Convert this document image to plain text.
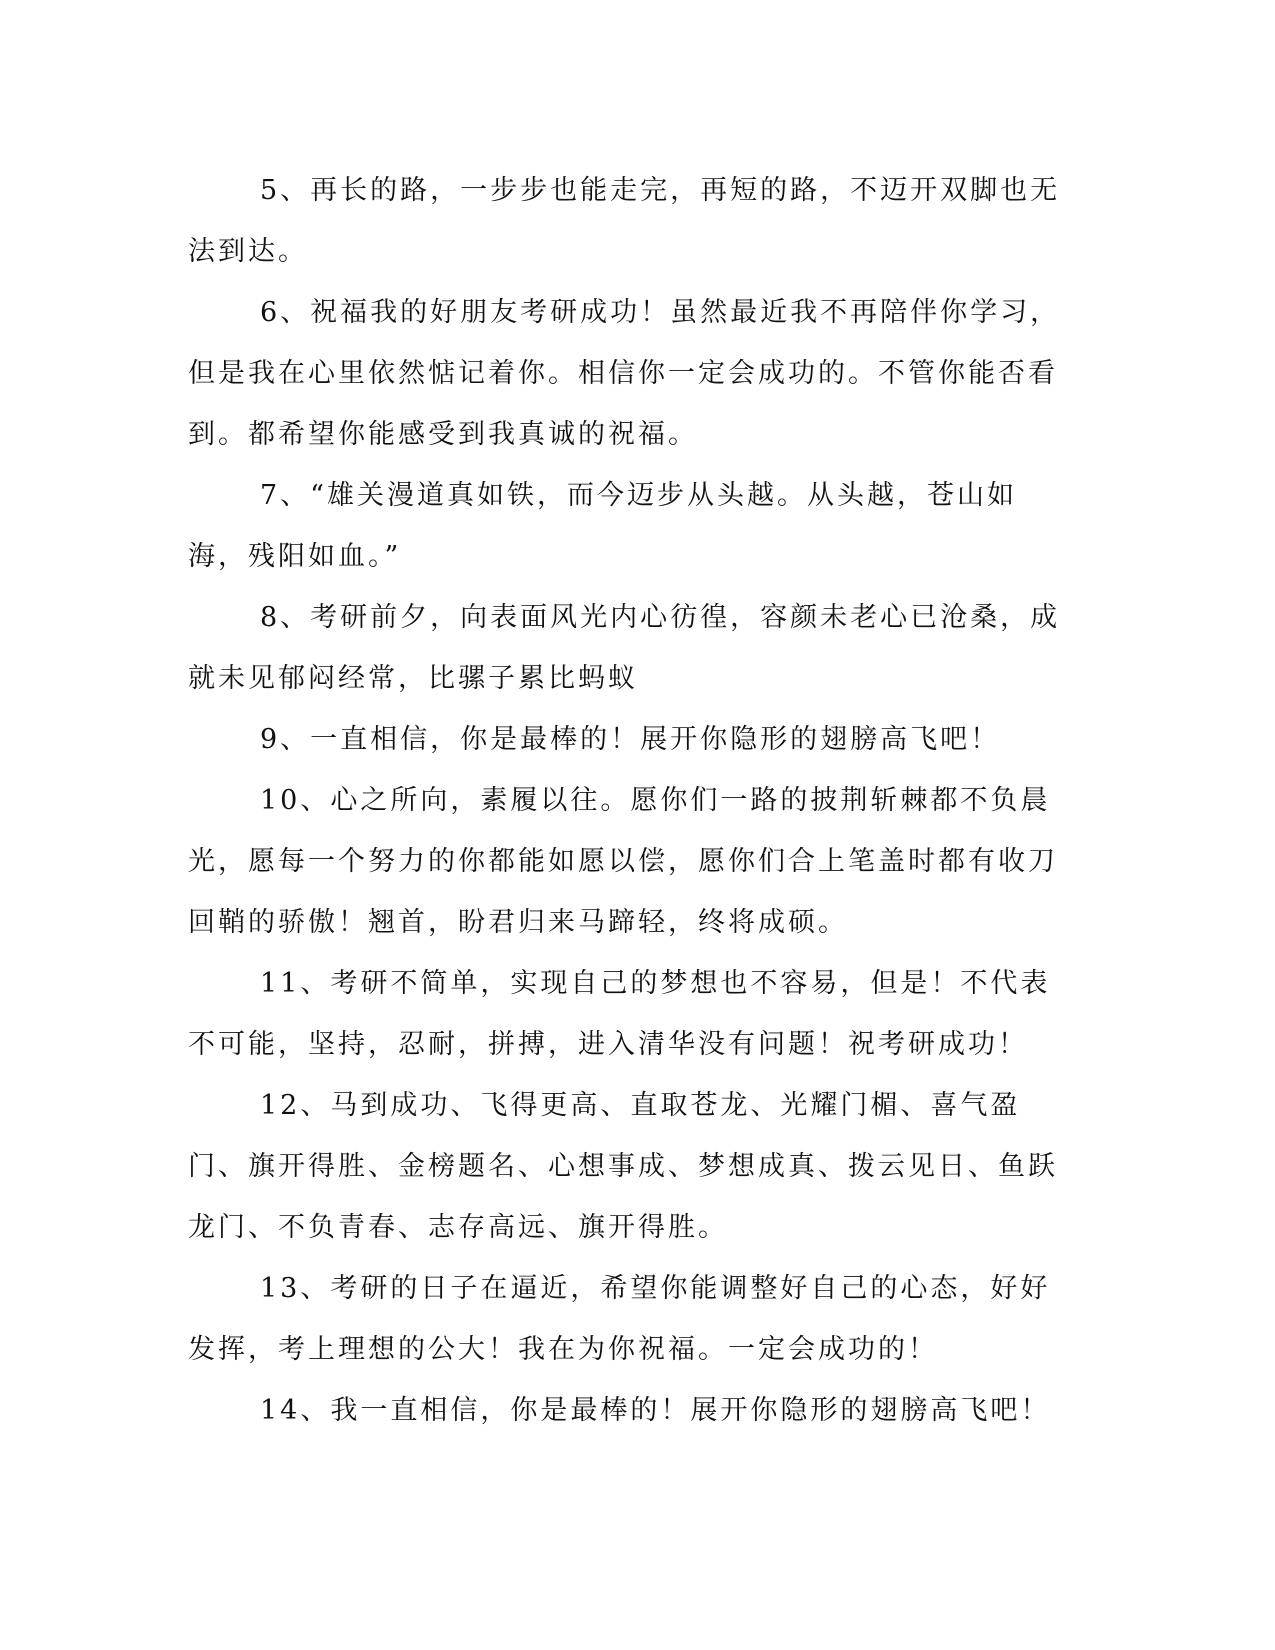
5、再长的路，一步步也能走完，再短的路，不迈开双脚也无法到达。

6、祝福我的好朋友考研成功！虽然最近我不再陪伴你学习，但是我在心里依然惦记着你。相信你一定会成功的。不管你能否看到。都希望你能感受到我真诚的祝福。

7、“雄关漫道真如铁，而今迈步从头越。从头越，苍山如海，残阳如血。”

8、考研前夕，向表面风光内心彷徨，容颜未老心已沧桑，成就未见郁闷经常，比骡子累比蚂蚁

9、一直相信，你是最棒的！展开你隐形的翅膀高飞吧！

10、心之所向，素履以往。愿你们一路的披荆斩棘都不负晨光，愿每一个努力的你都能如愿以偿，愿你们合上笔盖时都有收刀回鞘的骄傲！翘首，盼君归来马蹄轻，终将成硕。

11、考研不简单，实现自己的梦想也不容易，但是！不代表不可能，坚持，忍耐，拼搏，进入清华没有问题！祝考研成功！

12、马到成功、飞得更高、直取苍龙、光耀门楣、喜气盈门、旗开得胜、金榜题名、心想事成、梦想成真、拨云见日、鱼跃龙门、不负青春、志存高远、旗开得胜。

13、考研的日子在逼近，希望你能调整好自己的心态，好好发挥，考上理想的公大！我在为你祝福。一定会成功的！

14、我一直相信，你是最棒的！展开你隐形的翅膀高飞吧！
